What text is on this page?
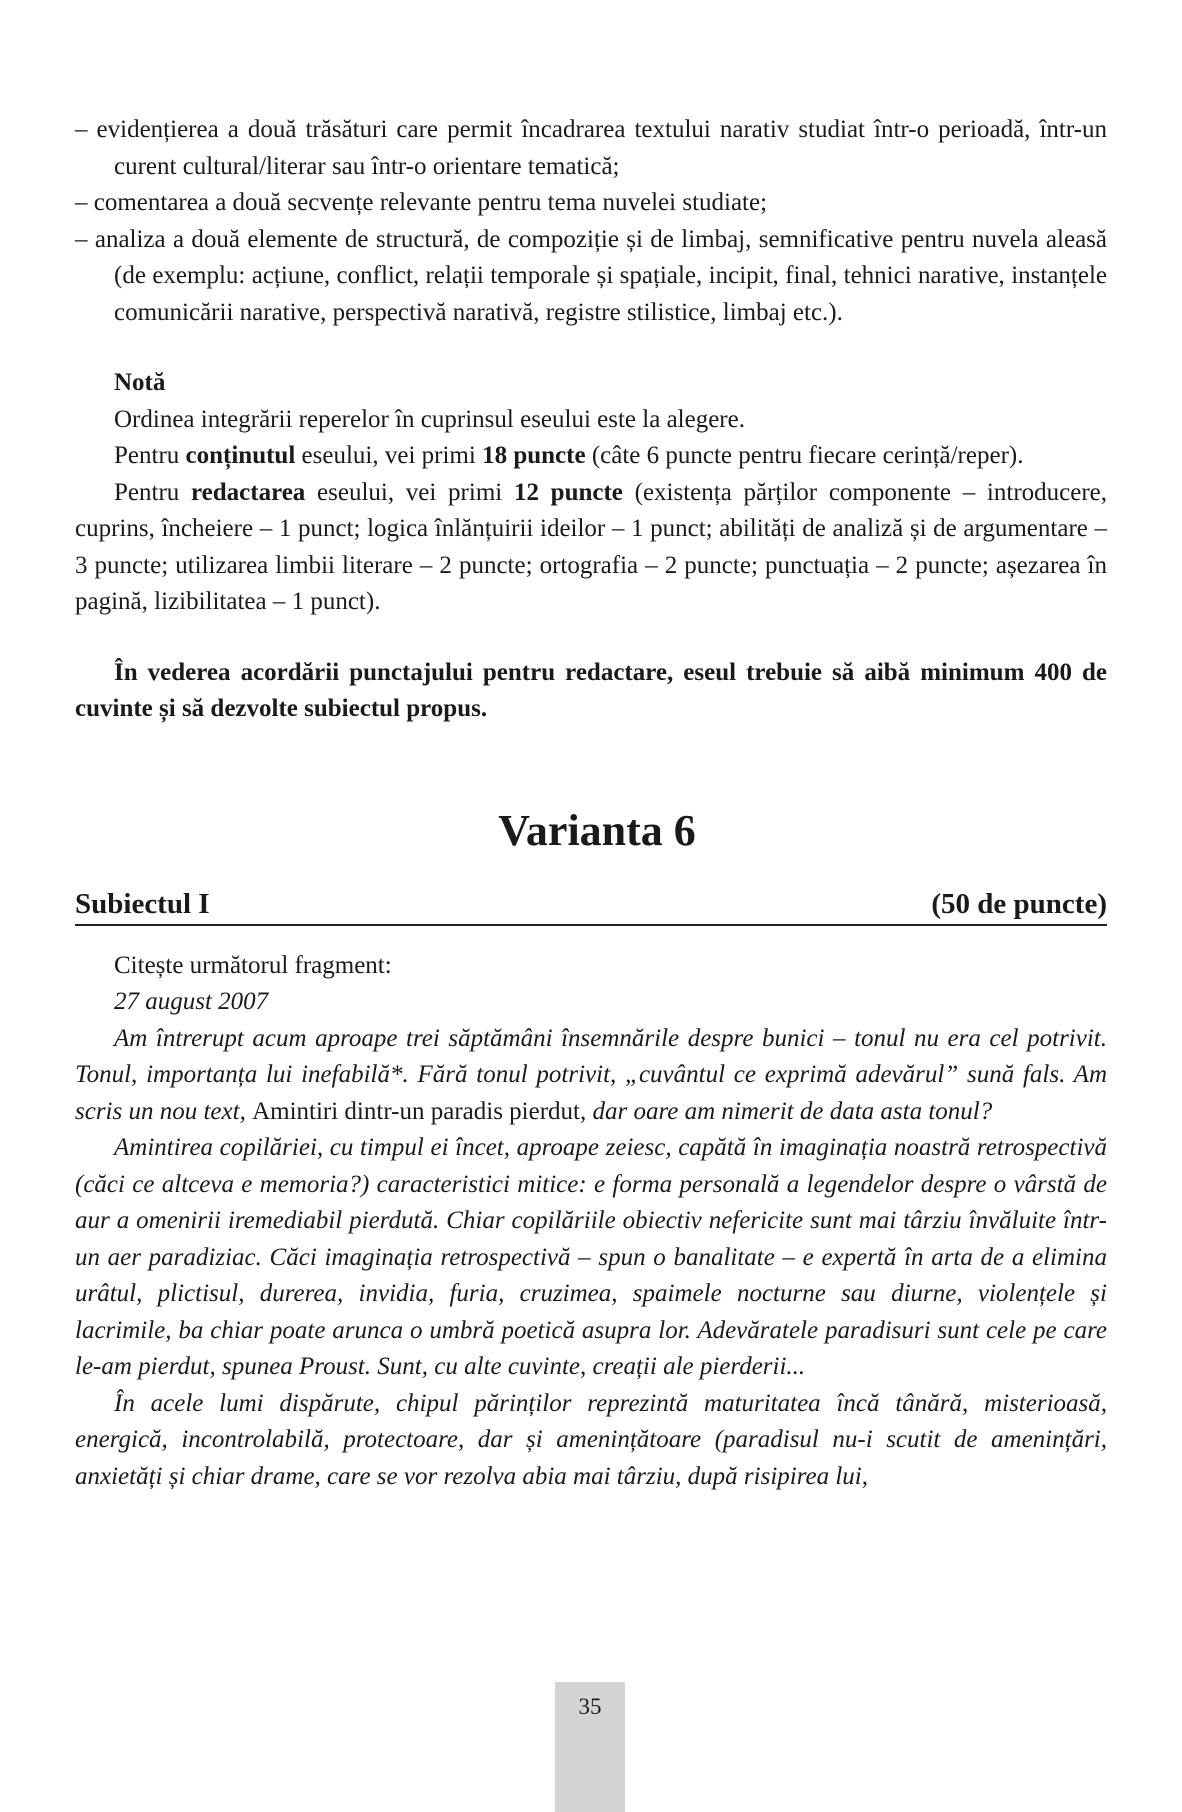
– evidențierea a două trăsături care permit încadrarea textului narativ studiat într-o perioadă, într-un curent cultural/literar sau într-o orientare tematică;
– comentarea a două secvențe relevante pentru tema nuvelei studiate;
– analiza a două elemente de structură, de compoziție și de limbaj, semnificative pentru nuvela aleasă (de exemplu: acțiune, conflict, relații temporale și spațiale, incipit, final, tehnici narative, instanțele comunicării narative, perspectivă narativă, registre stilistice, limbaj etc.).
Notă
Ordinea integrării reperelor în cuprinsul eseului este la alegere.

Pentru conținutul eseului, vei primi 18 puncte (câte 6 puncte pentru fiecare cerință/reper).

Pentru redactarea eseului, vei primi 12 puncte (existența părților componente – introducere, cuprins, încheiere – 1 punct; logica înlănțuirii ideilor – 1 punct; abilități de analiză și de argumentare – 3 puncte; utilizarea limbii literare – 2 puncte; ortografia – 2 puncte; punctuația – 2 puncte; așezarea în pagină, lizibilitatea – 1 punct).

În vederea acordării punctajului pentru redactare, eseul trebuie să aibă minimum 400 de cuvinte și să dezvolte subiectul propus.

Varianta 6
Subiectul I	(50 de puncte)
Citește următorul fragment:
27 august 2007

Am întrerupt acum aproape trei săptămâni însemnările despre bunici – tonul nu era cel potrivit. Tonul, importanța lui inefabilă*. Fără tonul potrivit, „cuvântul ce exprimă adevărul” sună fals. Am scris un nou text, Amintiri dintr-un paradis pierdut, dar oare am nimerit de data asta tonul?

Amintirea copilăriei, cu timpul ei încet, aproape zeiesc, capătă în imaginația noastră retrospectivă (căci ce altceva e memoria?) caracteristici mitice: e forma personală a legendelor despre o vârstă de aur a omenirii iremediabil pierdută. Chiar copilăriile obiectiv nefericite sunt mai târziu învăluite într-un aer paradiziac. Căci imaginația retrospectivă – spun o banalitate – e expertă în arta de a elimina urâtul, plictisul, durerea, invidia, furia, cruzimea, spaimele nocturne sau diurne, violențele și lacrimile, ba chiar poate arunca o umbră poetică asupra lor. Adevăratele paradisuri sunt cele pe care le-am pierdut, spunea Proust. Sunt, cu alte cuvinte, creații ale pierderii...

În acele lumi dispărute, chipul părinților reprezintă maturitatea încă tânără, misterioasă, energică, incontrolabilă, protectoare, dar și amenințătoare (paradisul nu-i scutit de amenințări, anxietăți și chiar drame, care se vor rezolva abia mai târziu, după risipirea lui,

35
